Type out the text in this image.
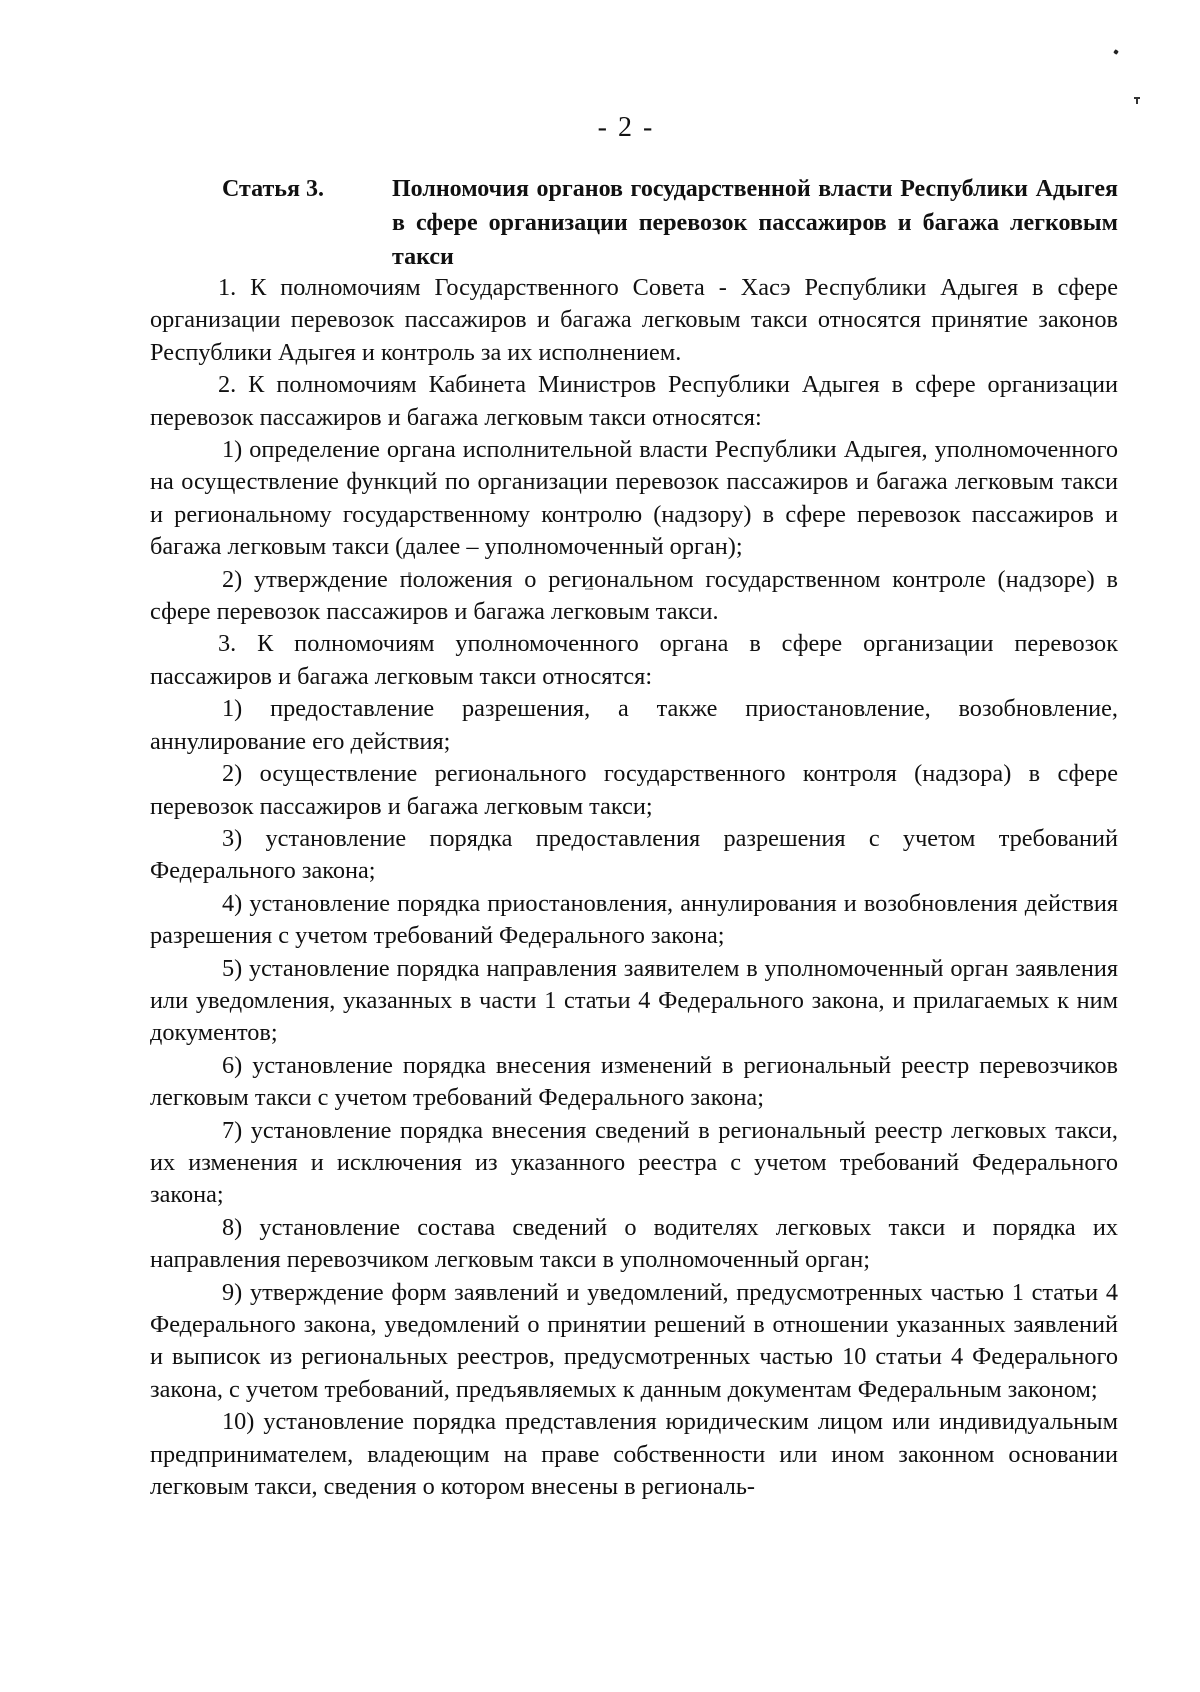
- 2 -
Статья 3.	Полномочия органов государственной власти Республики Адыгея в сфере организации перевозок пассажиров и багажа легковым такси

1. К полномочиям Государственного Совета - Хасэ Республики Адыгея в сфере организации перевозок пассажиров и багажа легковым такси относятся принятие законов Республики Адыгея и контроль за их исполнением.

2. К полномочиям Кабинета Министров Республики Адыгея в сфере организации перевозок пассажиров и багажа легковым такси относятся:

1) определение органа исполнительной власти Республики Адыгея, уполномоченного на осуществление функций по организации перевозок пассажиров и багажа легковым такси и региональному государственному контролю (надзору) в сфере перевозок пассажиров и багажа легковым такси (далее – уполномоченный орган);

2) утверждение положения о региональном государственном контроле (надзоре) в сфере перевозок пассажиров и багажа легковым такси.

3. К полномочиям уполномоченного органа в сфере организации перевозок пассажиров и багажа легковым такси относятся:

1) предоставление разрешения, а также приостановление, возобновление, аннулирование его действия;

2) осуществление регионального государственного контроля (надзора) в сфере перевозок пассажиров и багажа легковым такси;

3) установление порядка предоставления разрешения с учетом требований Федерального закона;

4) установление порядка приостановления, аннулирования и возобновления действия разрешения с учетом требований Федерального закона;

5) установление порядка направления заявителем в уполномоченный орган заявления или уведомления, указанных в части 1 статьи 4 Федерального закона, и прилагаемых к ним документов;

6) установление порядка внесения изменений в региональный реестр перевозчиков легковым такси с учетом требований Федерального закона;

7) установление порядка внесения сведений в региональный реестр легковых такси, их изменения и исключения из указанного реестра с учетом требований Федерального закона;

8) установление состава сведений о водителях легковых такси и порядка их направления перевозчиком легковым такси в уполномоченный орган;

9) утверждение форм заявлений и уведомлений, предусмотренных частью 1 статьи 4 Федерального закона, уведомлений о принятии решений в отношении указанных заявлений и выписок из региональных реестров, предусмотренных частью 10 статьи 4 Федерального закона, с учетом требований, предъявляемых к данным документам Федеральным законом;

10) установление порядка представления юридическим лицом или индивидуальным предпринимателем, владеющим на праве собственности или ином законном основании легковым такси, сведения о котором внесены в региональ-
